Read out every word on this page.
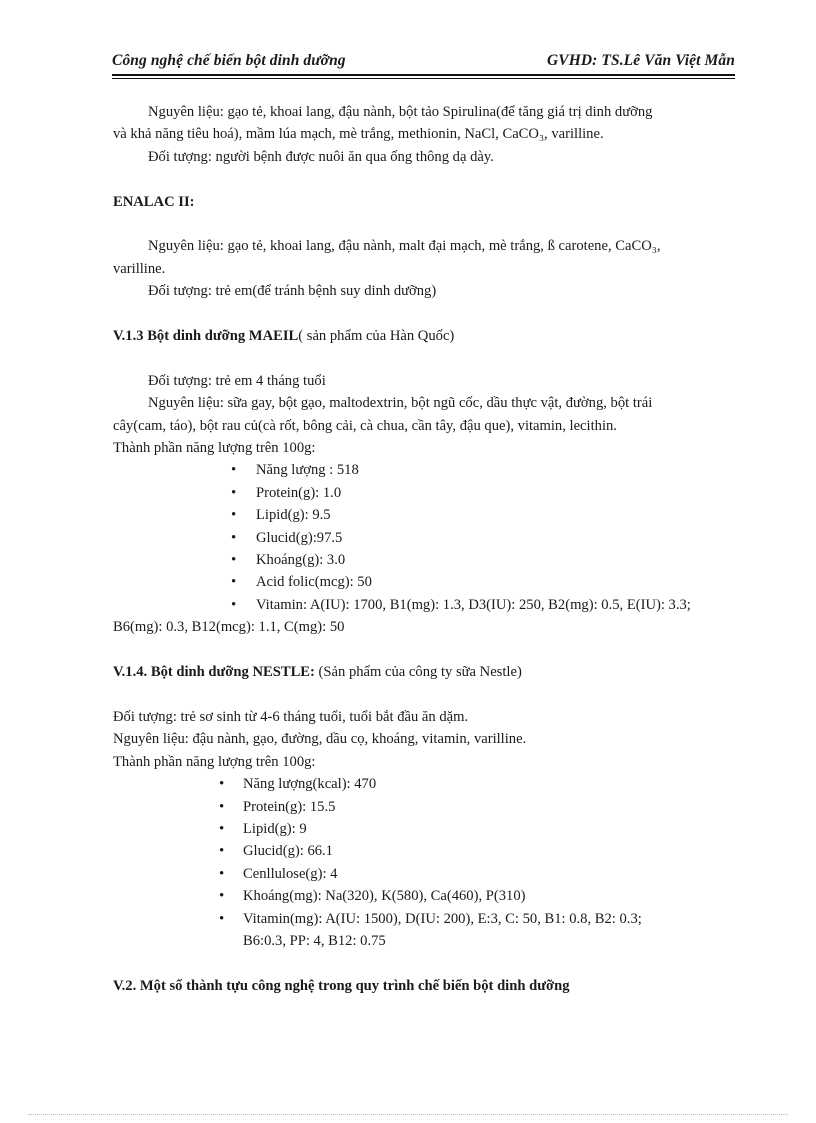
Công nghệ chế biến bột dinh dưỡng	GVHD: TS.Lê Văn Việt Mẫn

Nguyên liệu: gạo tẻ, khoai lang, đậu nành, bột tảo Spirulina(để tăng giá trị dinh dưỡng

và khả năng tiêu hoá), mầm lúa mạch, mè trắng, methionin, NaCl, CaCO₃, varilline.

Đối tượng: người bệnh được nuôi ăn qua ống thông dạ dày.

ENALAC II:

Nguyên liệu: gạo tẻ, khoai lang, đậu nành, malt đại mạch, mè trắng, ß carotene, CaCO₃,

varilline.

Đối tượng: trẻ em(để tránh bệnh suy dinh dưỡng)

V.1.3 Bột dinh dưỡng MAEIL( sản phẩm của Hàn Quốc)

Đối tượng: trẻ em 4 tháng tuổi

Nguyên liệu: sữa gay, bột gạo, maltodextrin, bột ngũ cốc, dầu thực vật, đường, bột trái

cây(cam, táo), bột rau củ(cà rốt, bông cải, cà chua, cần tây, đậu que), vitamin, lecithin.

Thành phần năng lượng trên 100g:

• Năng lượng : 518
• Protein(g): 1.0
• Lipid(g): 9.5
• Glucid(g):97.5
• Khoáng(g): 3.0
• Acid folic(mcg): 50

• Vitamin: A(IU): 1700, B1(mg): 1.3, D3(IU): 250, B2(mg): 0.5, E(IU): 3.3;

B6(mg): 0.3, B12(mcg): 1.1, C(mg): 50

V.1.4. Bột dinh dưỡng NESTLE: (Sản phẩm của công ty sữa Nestle)

Đối tượng: trẻ sơ sinh từ 4-6 tháng tuổi, tuổi bắt đầu ăn dặm.

Nguyên liệu: đậu nành, gạo, đường, dầu cọ, khoáng, vitamin, varilline.

Thành phần năng lượng trên 100g:

• Năng lượng(kcal): 470
• Protein(g): 15.5
• Lipid(g): 9
• Glucid(g): 66.1
• Cenllulose(g): 4
• Khoáng(mg): Na(320), K(580), Ca(460), P(310)
• Vitamin(mg): A(IU: 1500), D(IU: 200), E:3, C: 50, B1: 0.8, B2: 0.3;
B6:0.3, PP: 4, B12: 0.75

V.2. Một số thành tựu công nghệ trong quy trình chế biến bột dinh dưỡng
